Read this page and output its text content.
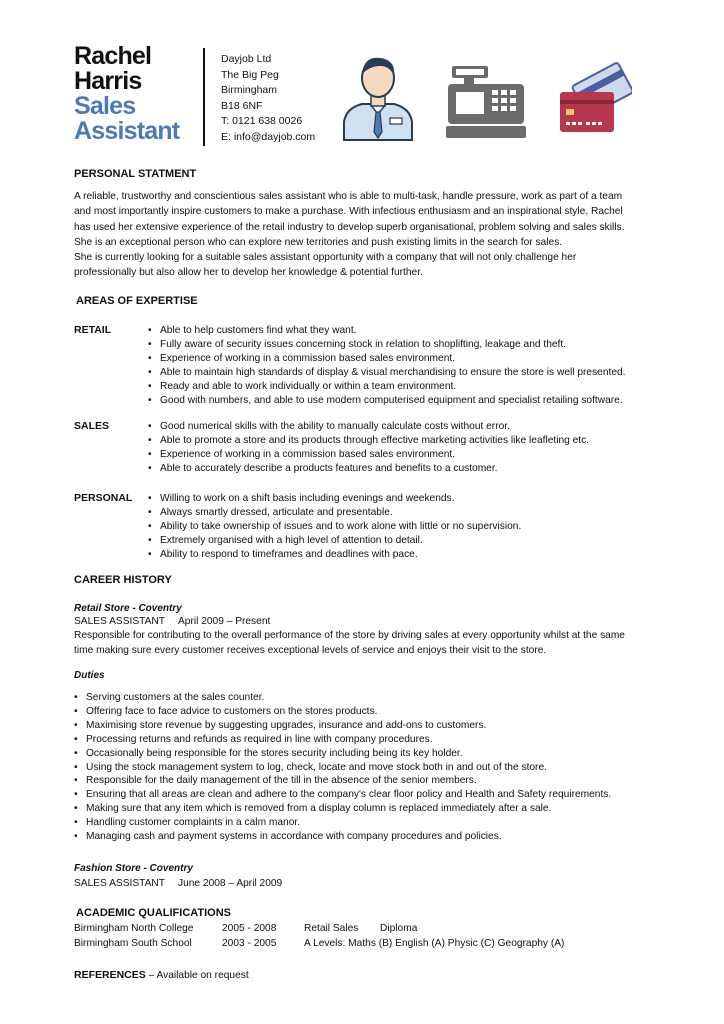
Rachel
Harris
Sales
Assistant
Dayjob Ltd
The Big Peg
Birmingham
B18 6NF
T: 0121 638 0026
E: info@dayjob.com
PERSONAL STATMENT
A reliable, trustworthy and conscientious sales assistant who is able to multi-task, handle pressure, work as part of a team
and most importantly inspire customers to make a purchase. With infectious enthusiasm and an inspirational style, Rachel
has used her extensive experience of the retail industry to develop superb organisational, problem solving and sales skills.
She is an exceptional person who can explore new territories and push existing limits in the search for sales.
She is currently looking for a suitable sales assistant opportunity with a company that will not only challenge her
professionally but also allow her to develop her knowledge & potential further.
AREAS OF EXPERTISE
RETAIL	• Able to help customers find what they want.
• Fully aware of security issues concerning stock in relation to shoplifting, leakage and theft.
• Experience of working in a commission based sales environment.
• Able to maintain high standards of display & visual merchandising to ensure the store is well presented.
• Ready and able to work individually or within a team environment.
• Good with numbers, and able to use modern computerised equipment and specialist retailing software.
SALES	• Good numerical skills with the ability to manually calculate costs without error.
• Able to promote a store and its products through effective marketing activities like leafleting etc.
• Experience of working in a commission based sales environment.
• Able to accurately describe a products features and benefits to a customer.
PERSONAL	• Willing to work on a shift basis including evenings and weekends.
• Always smartly dressed, articulate and presentable.
• Ability to take ownership of issues and to work alone with little or no supervision.
• Extremely organised with a high level of attention to detail.
• Ability to respond to timeframes and deadlines with pace.
CAREER HISTORY
Retail Store - Coventry
SALES ASSISTANT April 2009 – Present
Responsible for contributing to the overall performance of the store by driving sales at every opportunity whilst at the same
time making sure every customer receives exceptional levels of service and enjoys their visit to the store.
Duties
• Serving customers at the sales counter.
• Offering face to face advice to customers on the stores products.
• Maximising store revenue by suggesting upgrades, insurance and add-ons to customers.
• Processing returns and refunds as required in line with company procedures.
• Occasionally being responsible for the stores security including being its key holder.
• Using the stock management system to log, check, locate and move stock both in and out of the store.
• Responsible for the daily management of the till in the absence of the senior members.
• Ensuring that all areas are clean and adhere to the company's clear floor policy and Health and Safety requirements.
• Making sure that any item which is removed from a display column is replaced immediately after a sale.
• Handling customer complaints in a calm manor.
• Managing cash and payment systems in accordance with company procedures and policies.
Fashion Store - Coventry
SALES ASSISTANT June 2008 – April 2009
ACADEMIC QUALIFICATIONS
Birmingham North College	2005 - 2008	Retail Sales Diploma
Birmingham South School	2003 - 2005	A Levels: Maths (B) English (A) Physic (C) Geography (A)
REFERENCES – Available on request
